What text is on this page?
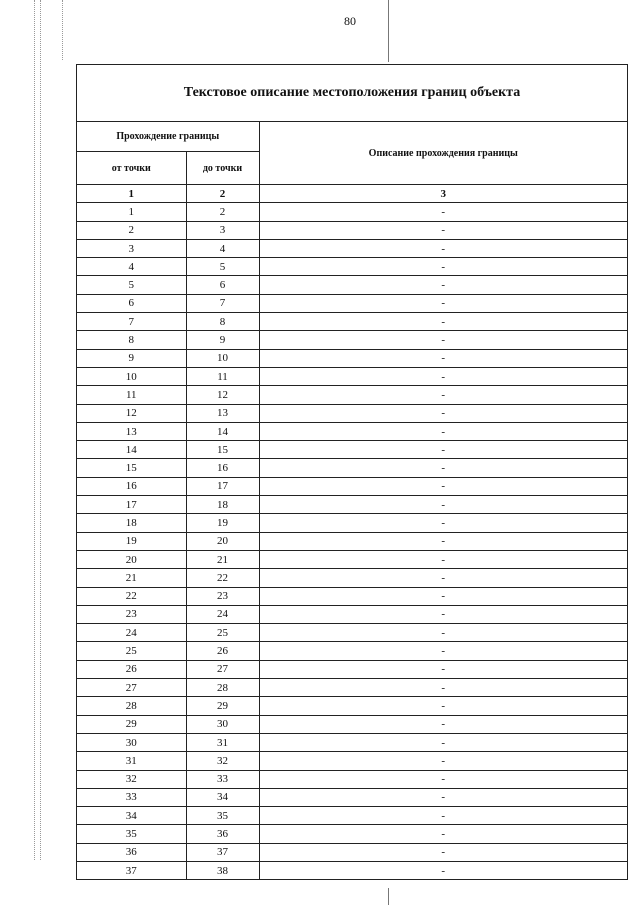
80
Текстовое описание местоположения границ объекта
Прохождение границы		Описание прохождения границы
от точки	до точки	
1	2	3
1	2	-
2	3	-
3	4	-
4	5	-
5	6	-
6	7	-
7	8	-
8	9	-
9	10	-
10	11	-
11	12	-
12	13	-
13	14	-
14	15	-
15	16	-
16	17	-
17	18	-
18	19	-
19	20	-
20	21	-
21	22	-
22	23	-
23	24	-
24	25	-
25	26	-
26	27	-
27	28	-
28	29	-
29	30	-
30	31	-
31	32	-
32	33	-
33	34	-
34	35	-
35	36	-
36	37	-
37	38	-
